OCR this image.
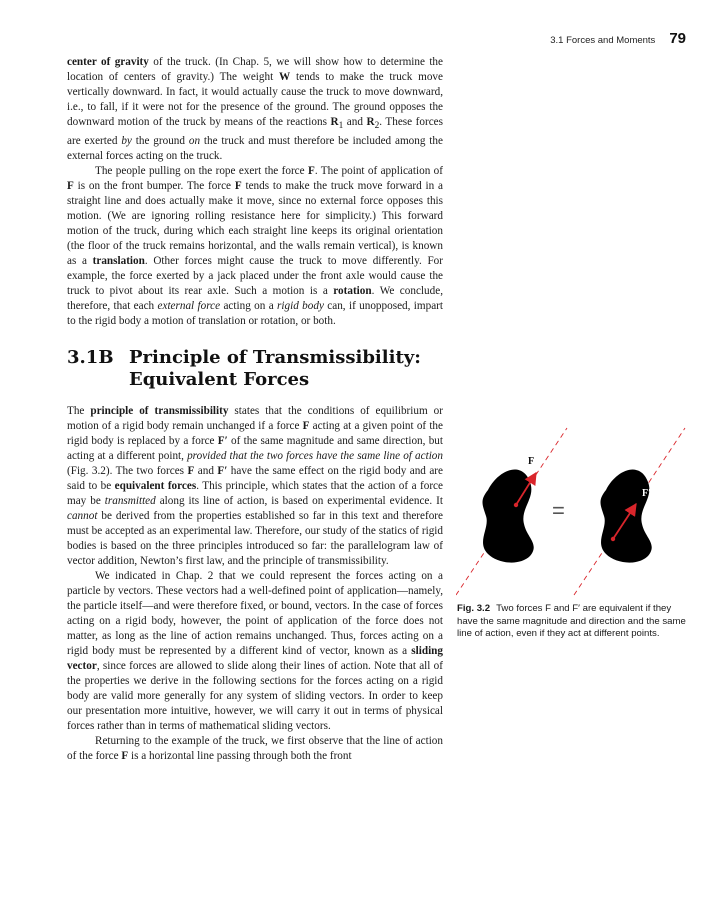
3.1 Forces and Moments 79

center of gravity of the truck. (In Chap. 5, we will show how to determine the location of centers of gravity.) The weight W tends to make the truck move vertically downward. In fact, it would actually cause the truck to move downward, i.e., to fall, if it were not for the presence of the ground. The ground opposes the downward motion of the truck by means of the reactions $R_1$ and $R_2$. These forces are exerted by the ground on the truck and must therefore be included among the external forces acting on the truck.

The people pulling on the rope exert the force F. The point of application of F is on the front bumper. The force F tends to make the truck move forward in a straight line and does actually make it move, since no external force opposes this motion. (We are ignoring rolling resistance here for simplicity.) This forward motion of the truck, during which each straight line keeps its original orientation (the floor of the truck remains horizontal, and the walls remain vertical), is known as a translation. Other forces might cause the truck to move differently. For example, the force exerted by a jack placed under the front axle would cause the truck to pivot about its rear axle. Such a motion is a rotation. We conclude, therefore, that each external force acting on a rigid body can, if unopposed, impart to the rigid body a motion of translation or rotation, or both.

3.1B Principle of Transmissibility:
Equivalent Forces

The principle of transmissibility states that the conditions of equilibrium or motion of a rigid body remain unchanged if a force F acting at a given point of the rigid body is replaced by a force F′ of the same magnitude and same direction, but acting at a different point, provided that the two forces have the same line of action (Fig. 3.2). The two forces F and F′ have the same effect on the rigid body and are said to be equivalent forces. This principle, which states that the action of a force may be transmitted along its line of action, is based on experimental evidence. It cannot be derived from the properties established so far in this text and therefore must be accepted as an experimental law. Therefore, our study of the statics of rigid bodies is based on the three principles introduced so far: the parallelogram law of vector addition, Newton’s first law, and the principle of transmissibility.

We indicated in Chap. 2 that we could represent the forces acting on a particle by vectors. These vectors had a well-defined point of application—namely, the particle itself—and were therefore fixed, or bound, vectors. In the case of forces acting on a rigid body, however, the point of application of the force does not matter, as long as the line of action remains unchanged. Thus, forces acting on a rigid body must be represented by a different kind of vector, known as a sliding vector, since forces are allowed to slide along their lines of action. Note that all of the properties we derive in the following sections for the forces acting on a rigid body are valid more generally for any system of sliding vectors. In order to keep our presentation more intuitive, however, we will carry it out in terms of physical forces rather than in terms of mathematical sliding vectors.

Returning to the example of the truck, we first observe that the line of action of the force F is a horizontal line passing through both the front

F
=
F′
Fig. 3.2 Two forces F and F′ are equivalent if they have the same magnitude and direction and the same line of action, even if they act at different points.
